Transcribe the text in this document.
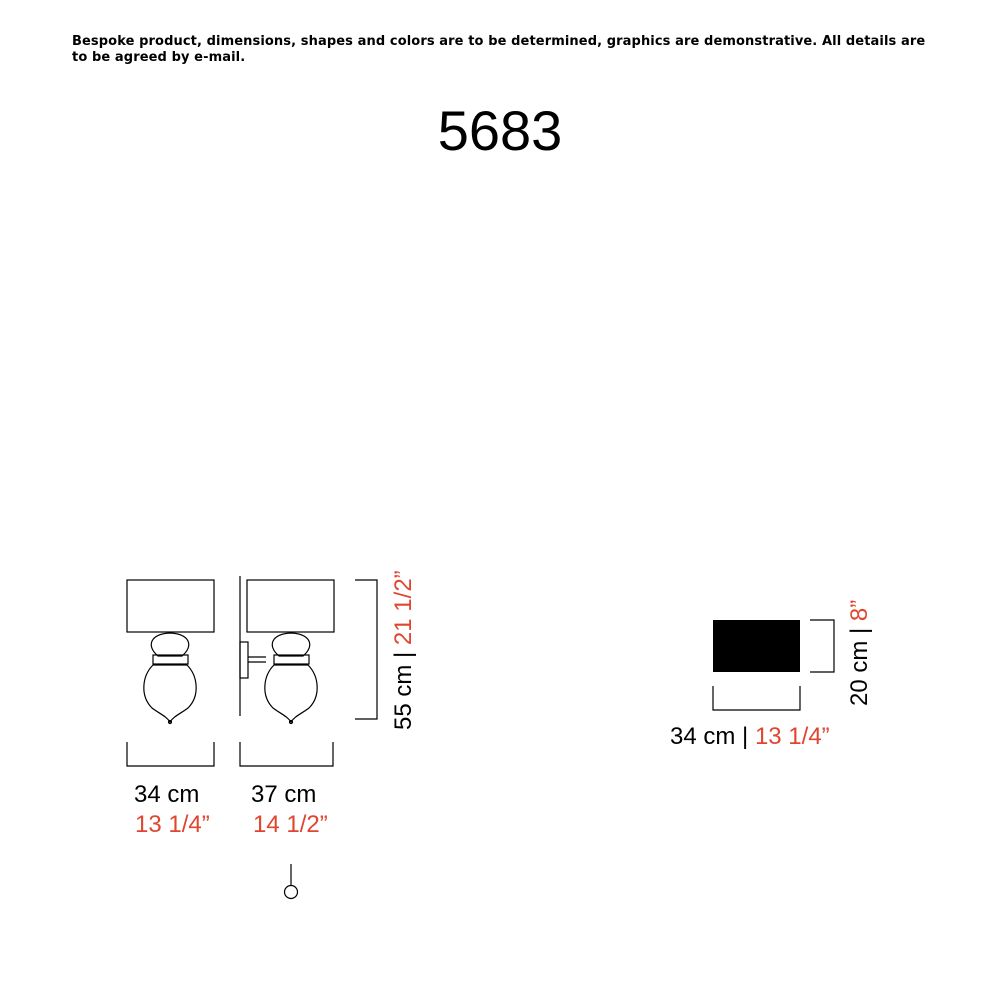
Bespoke product, dimensions, shapes and colors are to be determined, graphics are demonstrative. All details are to be agreed by e-mail.
5683
34 cm
13 1/4”
37 cm
14 1/2”
55 cm | 21 1/2”
34 cm | 13 1/4”
20 cm | 8”
